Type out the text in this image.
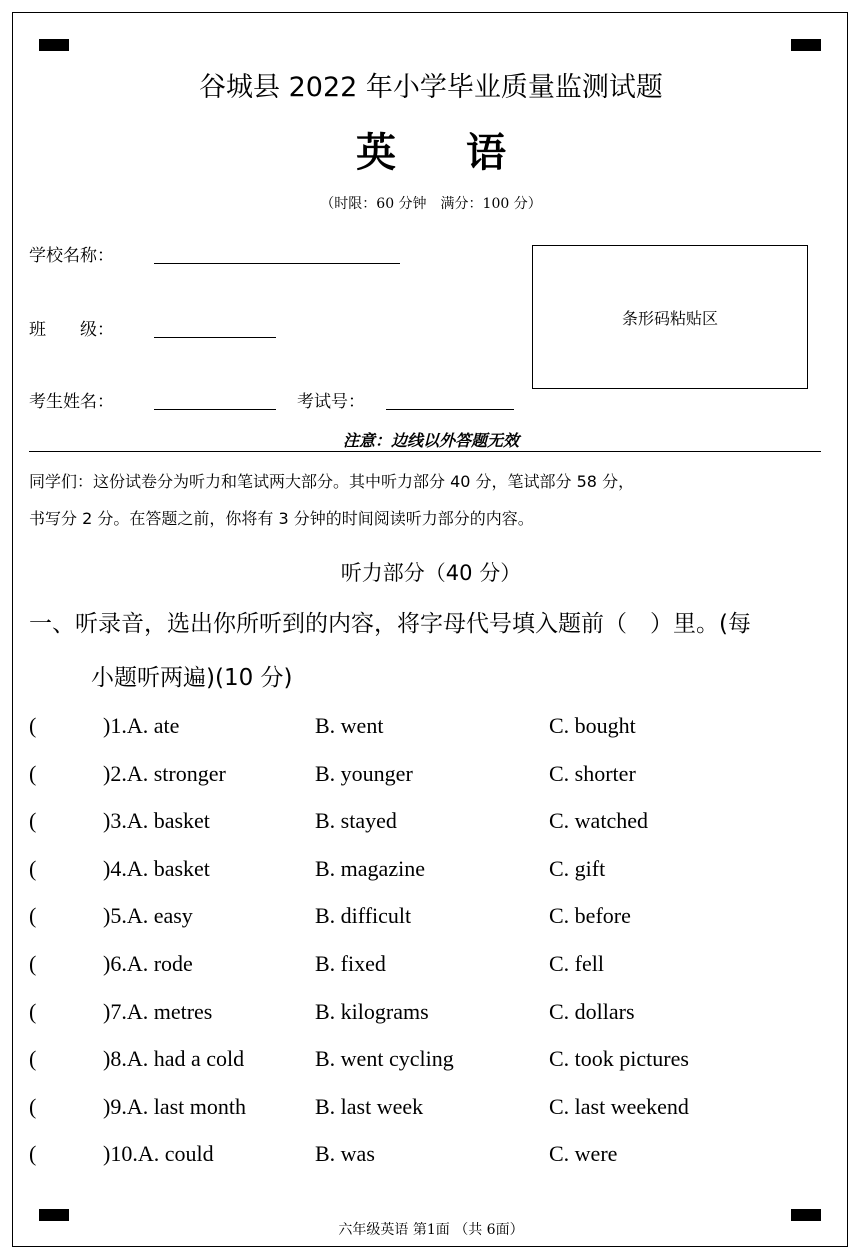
谷城县 2022 年小学毕业质量监测试题
英语
（时限：60 分钟　满分：100 分）
学校名称：
班　　级：
考生姓名：	考试号：
条形码粘贴区
注意：边线以外答题无效
同学们：这份试卷分为听力和笔试两大部分。其中听力部分 40 分，笔试部分 58 分，
书写分 2 分。在答题之前，你将有 3 分钟的时间阅读听力部分的内容。
听力部分（40 分）
一、听录音，选出你所听到的内容，将字母代号填入题前（　）里。(每
小题听两遍)(10 分)
(	)1.A. ate	B. went	C. bought
(	)2.A. stronger	B. younger	C. shorter
(	)3.A. basket	B. stayed	C. watched
(	)4.A. basket	B. magazine	C. gift
(	)5.A. easy	B. difficult	C. before
(	)6.A. rode	B. fixed	C. fell
(	)7.A. metres	B. kilograms	C. dollars
(	)8.A. had a cold	B. went cycling	C. took pictures
(	)9.A. last month	B. last week	C. last weekend
(	)10.A. could	B. was	C. were
六年级英语 第1面 （共 6面）
